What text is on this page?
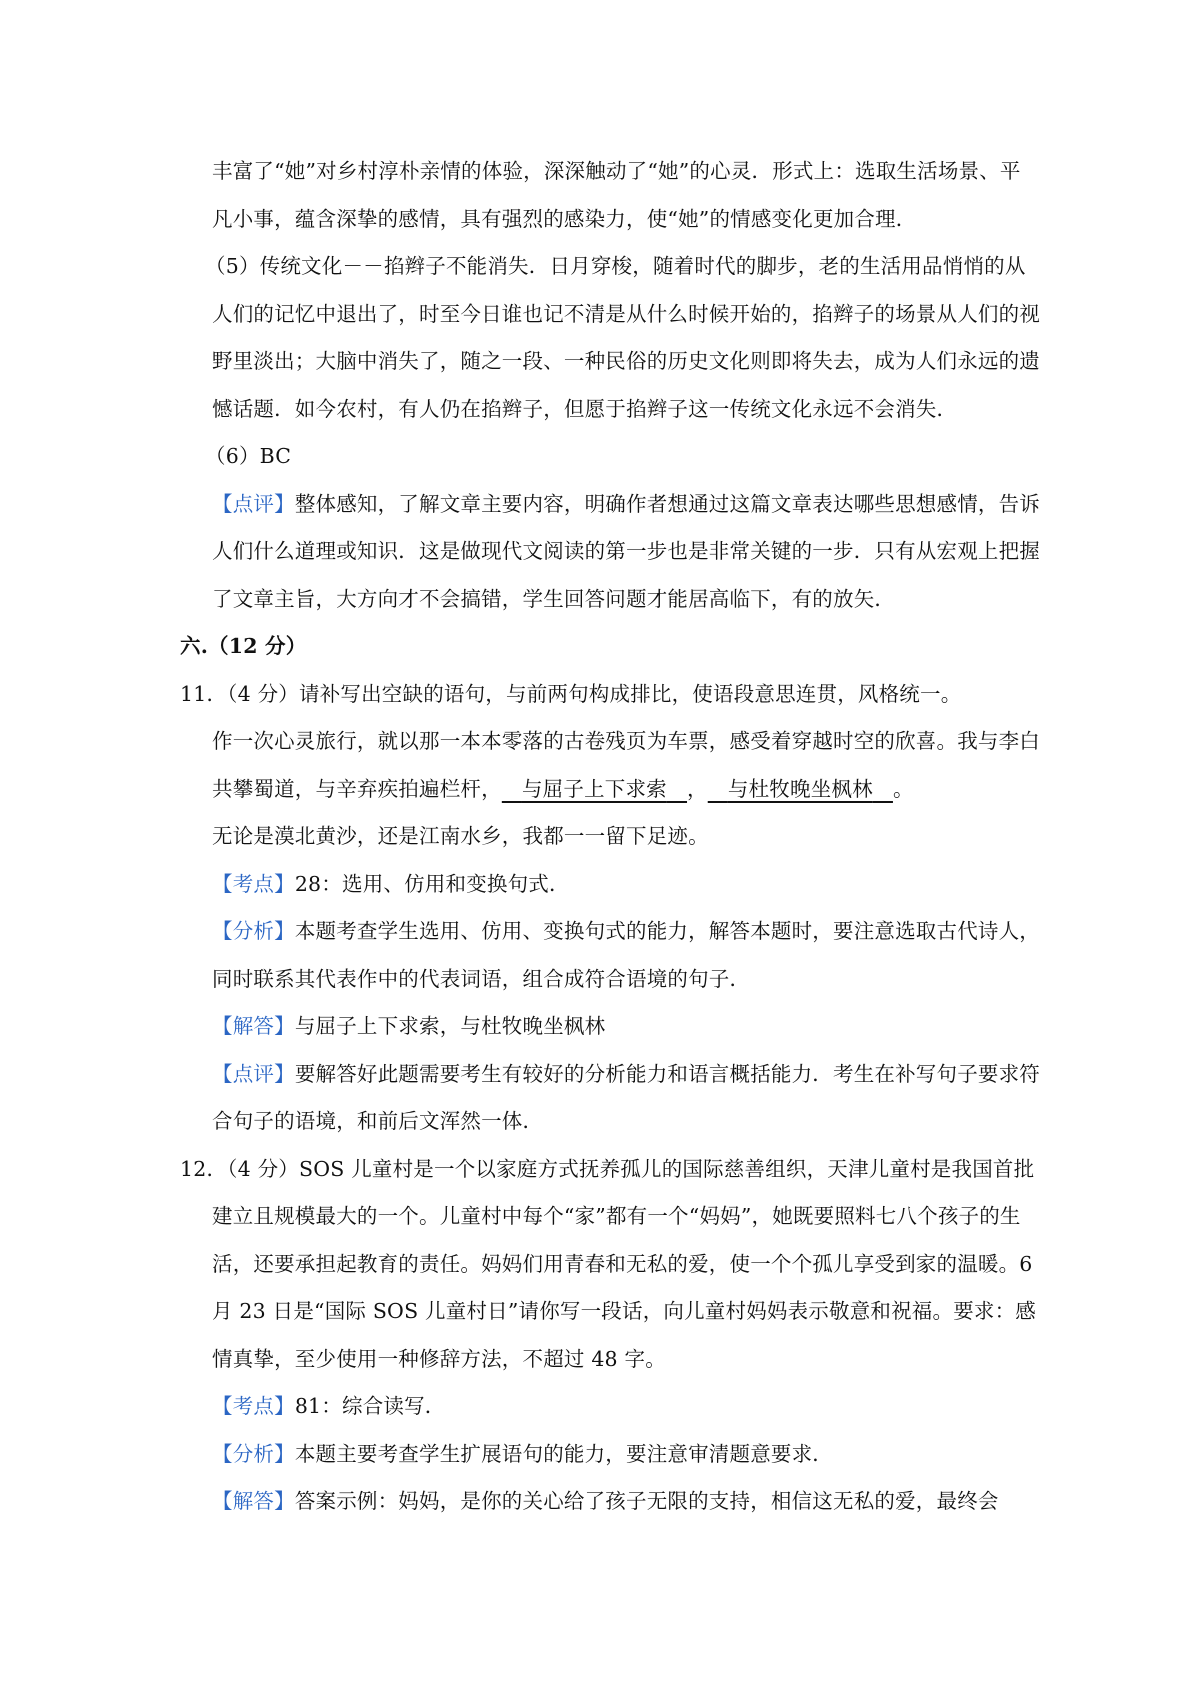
丰富了“她”对乡村淳朴亲情的体验，深深触动了“她”的心灵．形式上：选取生活场景、平凡小事，蕴含深挚的感情，具有强烈的感染力，使“她”的情感变化更加合理．

（5）传统文化－－掐辫子不能消失．日月穿梭，随着时代的脚步，老的生活用品悄悄的从人们的记忆中退出了，时至今日谁也记不清是从什么时候开始的，掐辫子的场景从人们的视野里淡出；大脑中消失了，随之一段、一种民俗的历史文化则即将失去，成为人们永远的遗憾话题．如今农村，有人仍在掐辫子，但愿于掐辫子这一传统文化永远不会消失．

（6）BC

【点评】整体感知，了解文章主要内容，明确作者想通过这篇文章表达哪些思想感情，告诉人们什么道理或知识．这是做现代文阅读的第一步也是非常关键的一步．只有从宏观上把握了文章主旨，大方向才不会搞错，学生回答问题才能居高临下，有的放矢．

六.（12 分）

11．（4 分）请补写出空缺的语句，与前两句构成排比，使语段意思连贯，风格统一。

作一次心灵旅行，就以那一本本零落的古卷残页为车票，感受着穿越时空的欣喜。我与李白共攀蜀道，与辛弃疾拍遍栏杆， 与屈子上下求索 ， 与杜牧晚坐枫林 。

无论是漠北黄沙，还是江南水乡，我都一一留下足迹。

【考点】28：选用、仿用和变换句式．

【分析】本题考查学生选用、仿用、变换句式的能力，解答本题时，要注意选取古代诗人，同时联系其代表作中的代表词语，组合成符合语境的句子．

【解答】与屈子上下求索，与杜牧晚坐枫林

【点评】要解答好此题需要考生有较好的分析能力和语言概括能力．考生在补写句子要求符合句子的语境，和前后文浑然一体．

12．（4 分）SOS 儿童村是一个以家庭方式抚养孤儿的国际慈善组织，天津儿童村是我国首批建立且规模最大的一个。儿童村中每个“家”都有一个“妈妈”，她既要照料七八个孩子的生活，还要承担起教育的责任。妈妈们用青春和无私的爱，使一个个孤儿享受到家的温暖。6 月 23 日是“国际 SOS 儿童村日”请你写一段话，向儿童村妈妈表示敬意和祝福。要求：感情真挚，至少使用一种修辞方法，不超过 48 字。

【考点】81：综合读写．

【分析】本题主要考查学生扩展语句的能力，要注意审清题意要求．

【解答】答案示例：妈妈，是你的关心给了孩子无限的支持，相信这无私的爱，最终会
